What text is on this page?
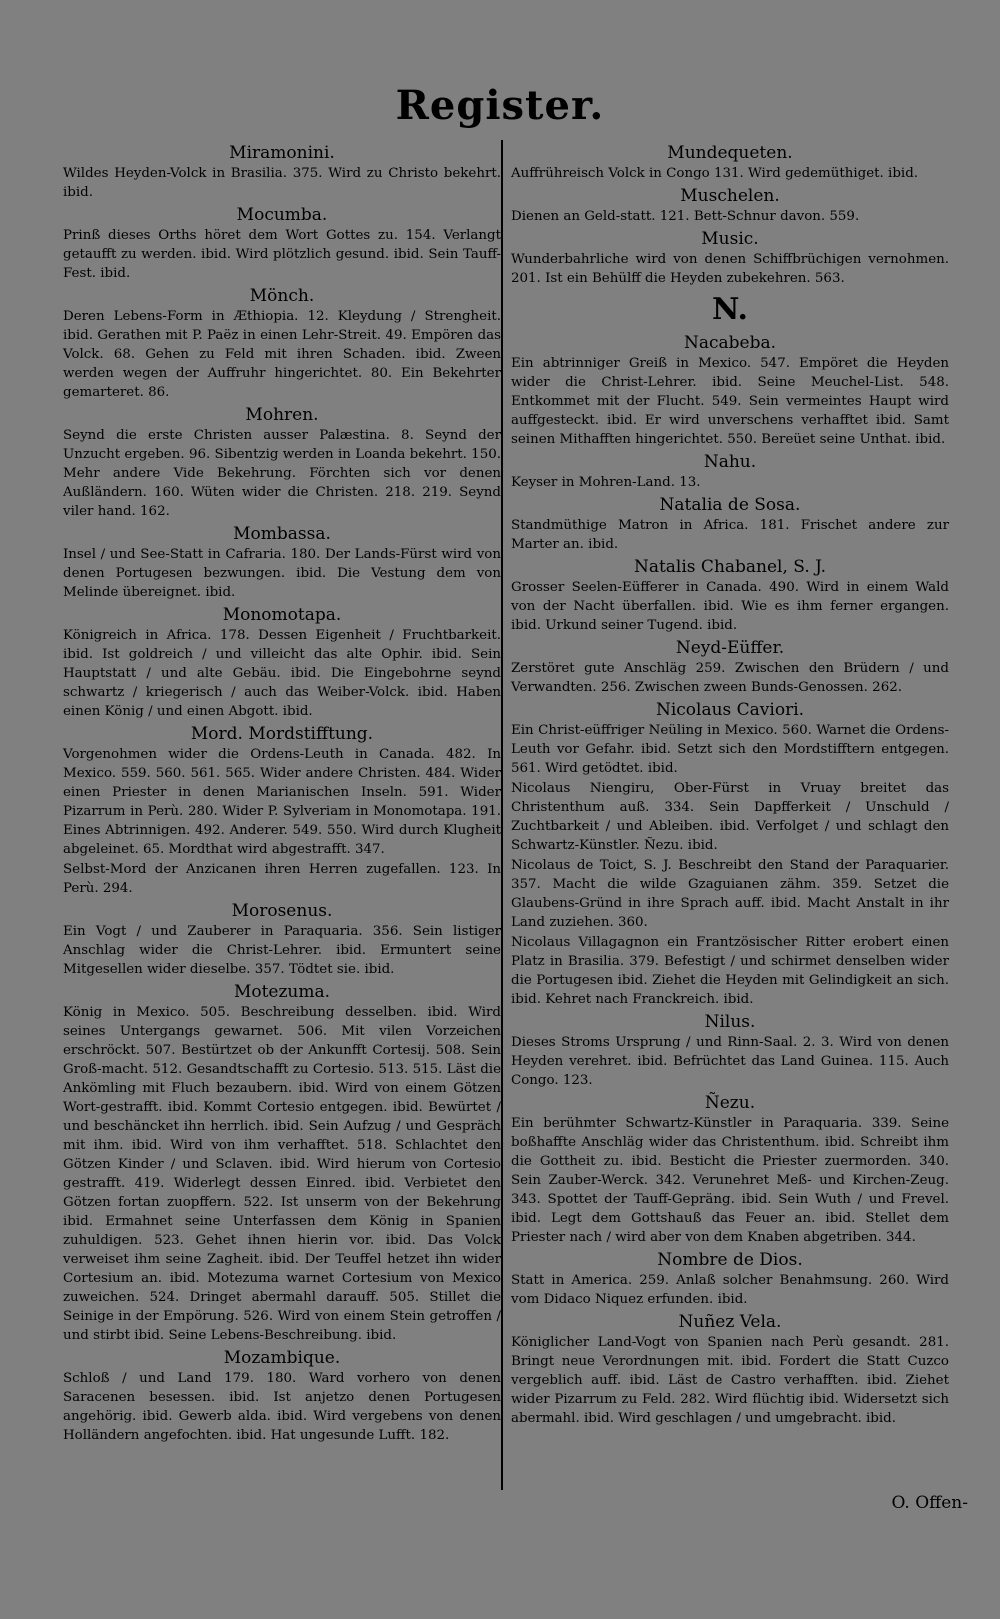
Register.
Miramonini.
Wildes Heyden-Volck in Brasilia. 375. Wird zu Christo bekehrt. ibid.
Mocumba.
Prinß dieses Orths höret dem Wort Gottes zu. 154. Verlangt getaufft zu werden. ibid. Wird plötzlich gesund. ibid. Sein Tauff-Fest. ibid.
Mönch.
Deren Lebens-Form in Æthiopia. 12. Kleydung / Strengheit. ibid. Gerathen mit P. Paëz in einen Lehr-Streit. 49. Empören das Volck. 68. Gehen zu Feld mit ihren Schaden. ibid. Zween werden wegen der Auffruhr hingerichtet. 80. Ein Bekehrter gemarteret. 86.
Mohren.
Seynd die erste Christen ausser Palæstina. 8. Seynd der Unzucht ergeben. 96. Sibentzig werden in Loanda bekehrt. 150. Mehr andere Vide Bekehrung. Förchten sich vor denen Außländern. 160. Wüten wider die Christen. 218. 219. Seynd viler hand. 162.
Mombassa.
Insel / und See-Statt in Cafraria. 180. Der Lands-Fürst wird von denen Portugesen bezwungen. ibid. Die Vestung dem von Melinde übereignet. ibid.
Monomotapa.
Königreich in Africa. 178. Dessen Eigenheit / Fruchtbarkeit. ibid. Ist goldreich / und villeicht das alte Ophir. ibid. Sein Hauptstatt / und alte Gebäu. ibid. Die Eingebohrne seynd schwartz / kriegerisch / auch das Weiber-Volck. ibid. Haben einen König / und einen Abgott. ibid.
Mord. Mordstifftung.
Vorgenohmen wider die Ordens-Leuth in Canada. 482. In Mexico. 559. 560. 561. 565. Wider andere Christen. 484. Wider einen Priester in denen Marianischen Inseln. 591. Wider Pizarrum in Perù. 280. Wider P. Sylveriam in Monomotapa. 191. Eines Abtrinnigen. 492. Anderer. 549. 550. Wird durch Klugheit abgeleinet. 65. Mordthat wird abgestrafft. 347.
Selbst-Mord der Anzicanen ihren Herren zugefallen. 123. In Perù. 294.
Morosenus.
Ein Vogt / und Zauberer in Paraquaria. 356. Sein listiger Anschlag wider die Christ-Lehrer. ibid. Ermuntert seine Mitgesellen wider dieselbe. 357. Tödtet sie. ibid.
Motezuma.
König in Mexico. 505. Beschreibung desselben. ibid. Wird seines Untergangs gewarnet. 506. Mit vilen Vorzeichen erschröckt. 507. Bestürtzet ob der Ankunfft Cortesij. 508. Sein Groß-macht. 512. Gesandtschafft zu Cortesio. 513. 515. Läst die Ankömling mit Fluch bezaubern. ibid. Wird von einem Götzen Wort-gestrafft. ibid. Kommt Cortesio entgegen. ibid. Bewürtet / und beschäncket ihn herrlich. ibid. Sein Aufzug / und Gespräch mit ihm. ibid. Wird von ihm verhafftet. 518. Schlachtet den Götzen Kinder / und Sclaven. ibid. Wird hierum von Cortesio gestrafft. 419. Widerlegt dessen Einred. ibid. Verbietet den Götzen fortan zuopffern. 522. Ist unserm von der Bekehrung ibid. Ermahnet seine Unterfassen dem König in Spanien zuhuldigen. 523. Gehet ihnen hierin vor. ibid. Das Volck verweiset ihm seine Zagheit. ibid. Der Teuffel hetzet ihn wider Cortesium an. ibid. Motezuma warnet Cortesium von Mexico zuweichen. 524. Dringet abermahl darauff. 505. Stillet die Seinige in der Empörung. 526. Wird von einem Stein getroffen / und stirbt ibid. Seine Lebens-Beschreibung. ibid.
Mozambique.
Schloß / und Land 179. 180. Ward vorhero von denen Saracenen besessen. ibid. Ist anjetzo denen Portugesen angehörig. ibid. Gewerb alda. ibid. Wird vergebens von denen Holländern angefochten. ibid. Hat ungesunde Lufft. 182.
Mundequeten.
Auffrühreisch Volck in Congo 131. Wird gedemüthiget. ibid.
Muschelen.
Dienen an Geld-statt. 121. Bett-Schnur davon. 559.
Music.
Wunderbahrliche wird von denen Schiffbrüchigen vernohmen. 201. Ist ein Behülff die Heyden zubekehren. 563.
N.
Nacabeba.
Ein abtrinniger Greiß in Mexico. 547. Empöret die Heyden wider die Christ-Lehrer. ibid. Seine Meuchel-List. 548. Entkommet mit der Flucht. 549. Sein vermeintes Haupt wird auffgesteckt. ibid. Er wird unverschens verhafftet ibid. Samt seinen Mithafften hingerichtet. 550. Bereüet seine Unthat. ibid.
Nahu.
Keyser in Mohren-Land. 13.
Natalia de Sosa.
Standmüthige Matron in Africa. 181. Frischet andere zur Marter an. ibid.
Natalis Chabanel, S. J.
Grosser Seelen-Eüfferer in Canada. 490. Wird in einem Wald von der Nacht überfallen. ibid. Wie es ihm ferner ergangen. ibid. Urkund seiner Tugend. ibid.
Neyd-Eüffer.
Zerstöret gute Anschläg 259. Zwischen den Brüdern / und Verwandten. 256. Zwischen zween Bunds-Genossen. 262.
Nicolaus Caviori.
Ein Christ-eüffriger Neüling in Mexico. 560. Warnet die Ordens-Leuth vor Gefahr. ibid. Setzt sich den Mordstifftern entgegen. 561. Wird getödtet. ibid.
Nicolaus Niengiru, Ober-Fürst in Vruay breitet das Christenthum auß. 334. Sein Dapfferkeit / Unschuld / Zuchtbarkeit / und Ableiben. ibid. Verfolget / und schlagt den Schwartz-Künstler. Ñezu. ibid.
Nicolaus de Toict, S. J. Beschreibt den Stand der Paraquarier. 357. Macht die wilde Gzaguianen zähm. 359. Setzet die Glaubens-Gründ in ihre Sprach auff. ibid. Macht Anstalt in ihr Land zuziehen. 360.
Nicolaus Villagagnon ein Frantzösischer Ritter erobert einen Platz in Brasilia. 379. Befestigt / und schirmet denselben wider die Portugesen ibid. Ziehet die Heyden mit Gelindigkeit an sich. ibid. Kehret nach Franckreich. ibid.
Nilus.
Dieses Stroms Ursprung / und Rinn-Saal. 2. 3. Wird von denen Heyden verehret. ibid. Befrüchtet das Land Guinea. 115. Auch Congo. 123.
Ñezu.
Ein berühmter Schwartz-Künstler in Paraquaria. 339. Seine boßhaffte Anschläg wider das Christenthum. ibid. Schreibt ihm die Gottheit zu. ibid. Besticht die Priester zuermorden. 340. Sein Zauber-Werck. 342. Verunehret Meß- und Kirchen-Zeug. 343. Spottet der Tauff-Gepräng. ibid. Sein Wuth / und Frevel. ibid. Legt dem Gottshauß das Feuer an. ibid. Stellet dem Priester nach / wird aber von dem Knaben abgetriben. 344.
Nombre de Dios.
Statt in America. 259. Anlaß solcher Benahmsung. 260. Wird vom Didaco Niquez erfunden. ibid.
Nuñez Vela.
Königlicher Land-Vogt von Spanien nach Perù gesandt. 281. Bringt neue Verordnungen mit. ibid. Fordert die Statt Cuzco vergeblich auff. ibid. Läst de Castro verhafften. ibid. Ziehet wider Pizarrum zu Feld. 282. Wird flüchtig ibid. Widersetzt sich abermahl. ibid. Wird geschlagen / und umgebracht. ibid.
O. Offen-
